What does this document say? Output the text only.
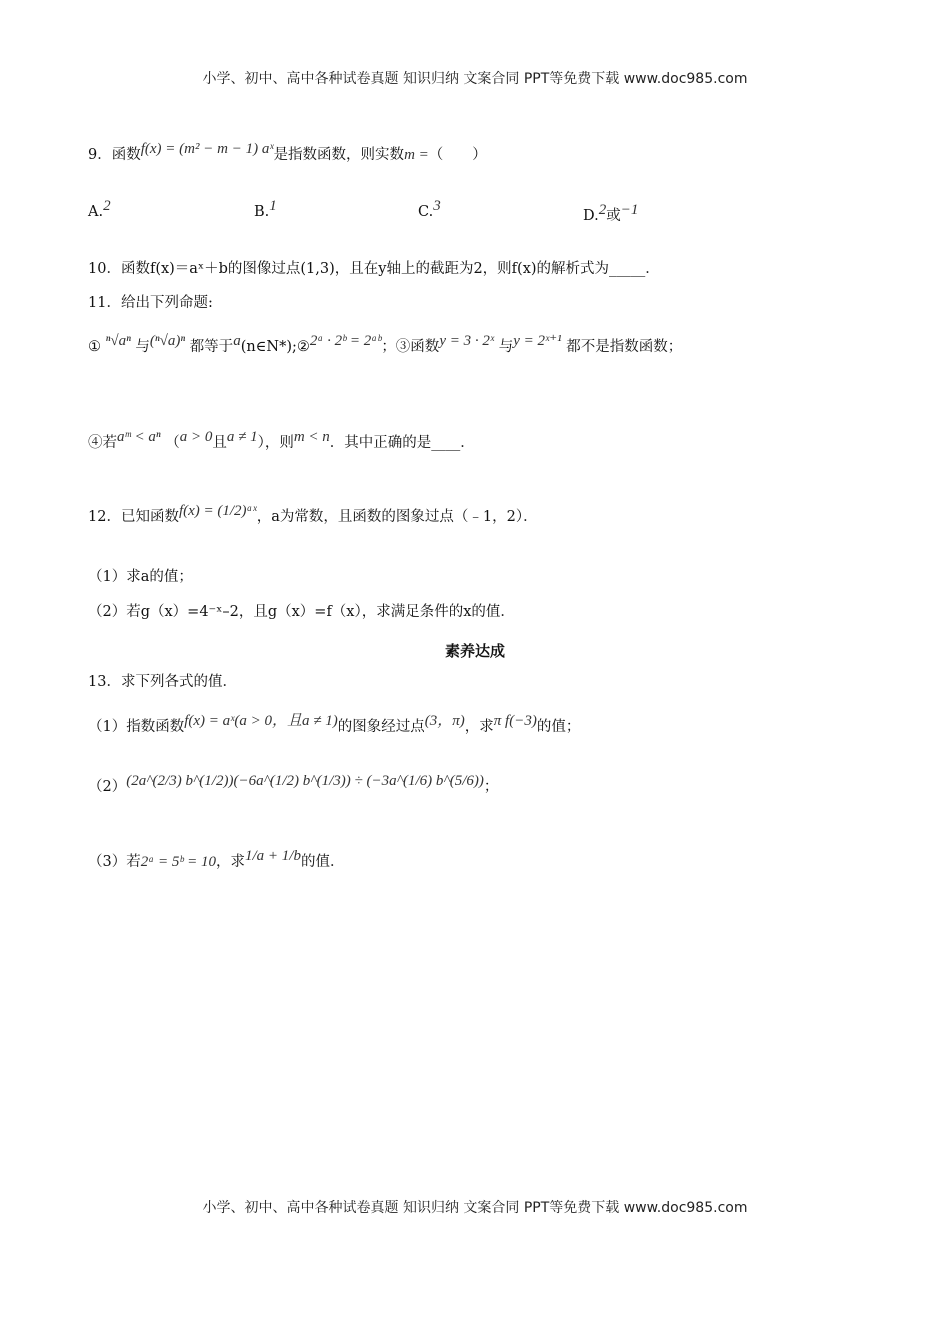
小学、初中、高中各种试卷真题 知识归纳 文案合同 PPT等免费下载 www.doc985.com
9．函数f(x) = (m² − m − 1) aˣ是指数函数，则实数m =（　　）
A.2	B.1	C.3
D.2或−1
10．函数f(x)＝aˣ＋b的图像过点(1,3)，且在y轴上的截距为2，则f(x)的解析式为_____．
11．给出下列命题:
① ⁿ√aⁿ 与(ⁿ√a)ⁿ 都等于a(n∈N*);②2ᵃ · 2ᵇ = 2ᵃᵇ；③函数y = 3 · 2ˣ 与y = 2ˣ⁺¹ 都不是指数函数；
④若aᵐ < aⁿ （a > 0且a ≠ 1），则m < n．其中正确的是____．
12．已知函数f(x) = (1/2)ᵃˣ，a为常数，且函数的图象过点（﹣1，2）．
（1）求a的值；
（2）若g（x）=4⁻ˣ–2，且g（x）=f（x），求满足条件的x的值．
素养达成
13．求下列各式的值．
（1）指数函数f(x) = aˣ(a > 0，且a ≠ 1)的图象经过点(3，π)，求π f(−3)的值；
（2）(2a^(2/3) b^(1/2))(−6a^(1/2) b^(1/3)) ÷ (−3a^(1/6) b^(5/6))；
（3）若2ᵃ = 5ᵇ = 10，求1/a + 1/b的值．
小学、初中、高中各种试卷真题 知识归纳 文案合同 PPT等免费下载 www.doc985.com
